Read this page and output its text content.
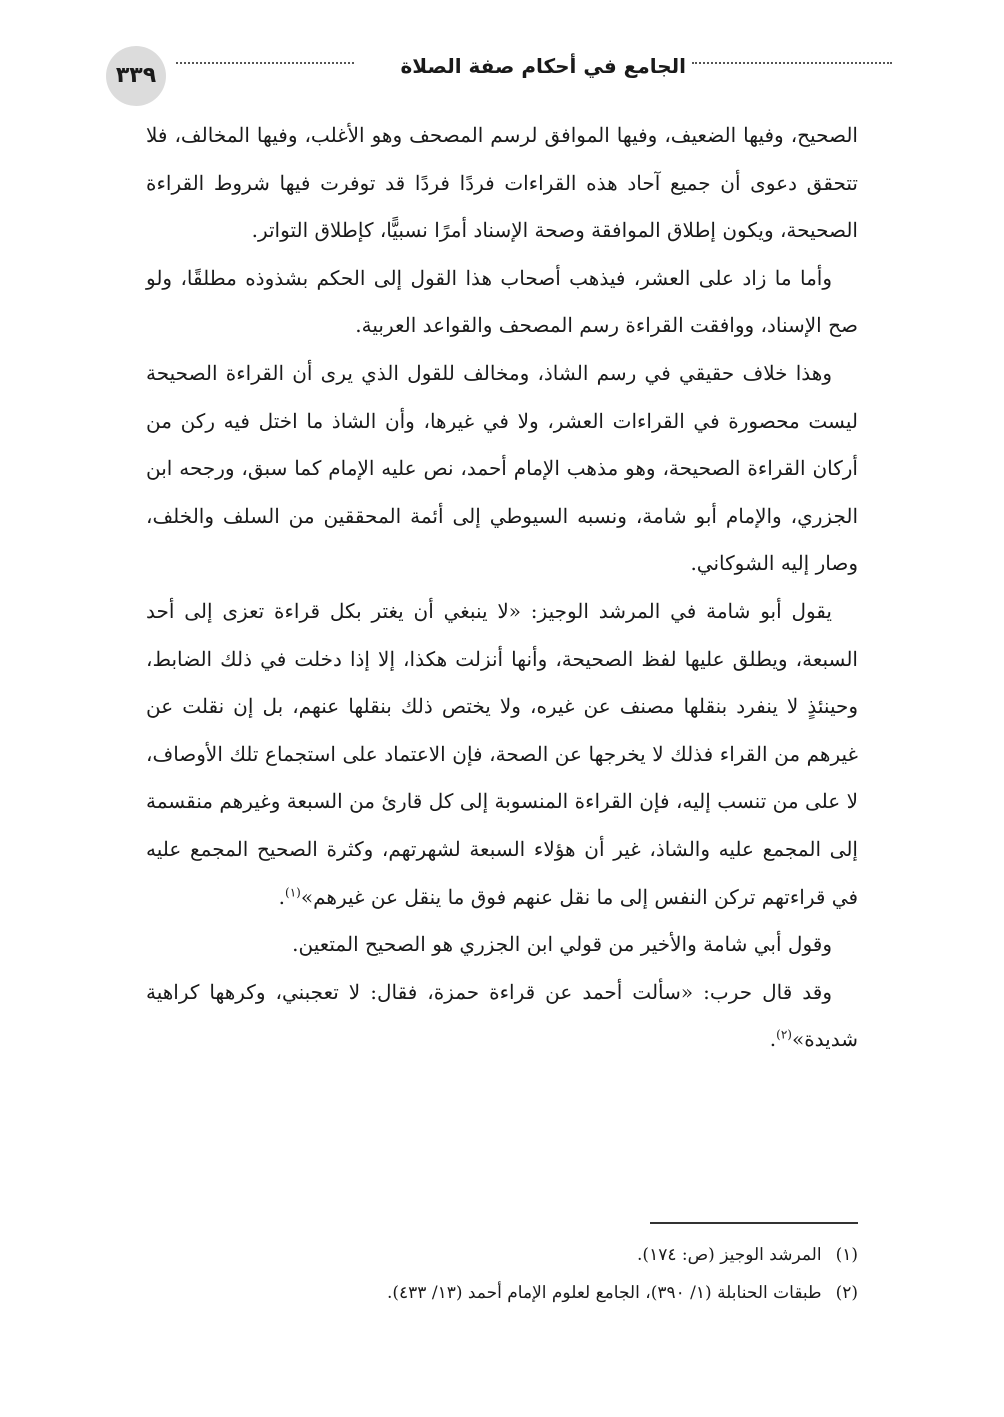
الجامع في أحكام صفة الصلاة
٣٣٩

الصحيح، وفيها الضعيف، وفيها الموافق لرسم المصحف وهو الأغلب، وفيها المخالف، فلا تتحقق دعوى أن جميع آحاد هذه القراءات فردًا فردًا قد توفرت فيها شروط القراءة الصحيحة، ويكون إطلاق الموافقة وصحة الإسناد أمرًا نسبيًّا، كإطلاق التواتر.

وأما ما زاد على العشر، فيذهب أصحاب هذا القول إلى الحكم بشذوذه مطلقًا، ولو صح الإسناد، ووافقت القراءة رسم المصحف والقواعد العربية.

وهذا خلاف حقيقي في رسم الشاذ، ومخالف للقول الذي يرى أن القراءة الصحيحة ليست محصورة في القراءات العشر، ولا في غيرها، وأن الشاذ ما اختل فيه ركن من أركان القراءة الصحيحة، وهو مذهب الإمام أحمد، نص عليه الإمام كما سبق، ورجحه ابن الجزري، والإمام أبو شامة، ونسبه السيوطي إلى أئمة المحققين من السلف والخلف، وصار إليه الشوكاني.

يقول أبو شامة في المرشد الوجيز: «لا ينبغي أن يغتر بكل قراءة تعزى إلى أحد السبعة، ويطلق عليها لفظ الصحيحة، وأنها أنزلت هكذا، إلا إذا دخلت في ذلك الضابط، وحينئذٍ لا ينفرد بنقلها مصنف عن غيره، ولا يختص ذلك بنقلها عنهم، بل إن نقلت عن غيرهم من القراء فذلك لا يخرجها عن الصحة، فإن الاعتماد على استجماع تلك الأوصاف، لا على من تنسب إليه، فإن القراءة المنسوبة إلى كل قارئ من السبعة وغيرهم منقسمة إلى المجمع عليه والشاذ، غير أن هؤلاء السبعة لشهرتهم، وكثرة الصحيح المجمع عليه في قراءتهم تركن النفس إلى ما نقل عنهم فوق ما ينقل عن غيرهم»$^{(١)}$.

وقول أبي شامة والأخير من قولي ابن الجزري هو الصحيح المتعين.

وقد قال حرب: «سألت أحمد عن قراءة حمزة، فقال: لا تعجبني، وكرهها كراهية شديدة»$^{(٢)}$.

(١)المرشد الوجيز (ص: ١٧٤).

(٢)طبقات الحنابلة (١/ ٣٩٠)، الجامع لعلوم الإمام أحمد (١٣/ ٤٣٣).
